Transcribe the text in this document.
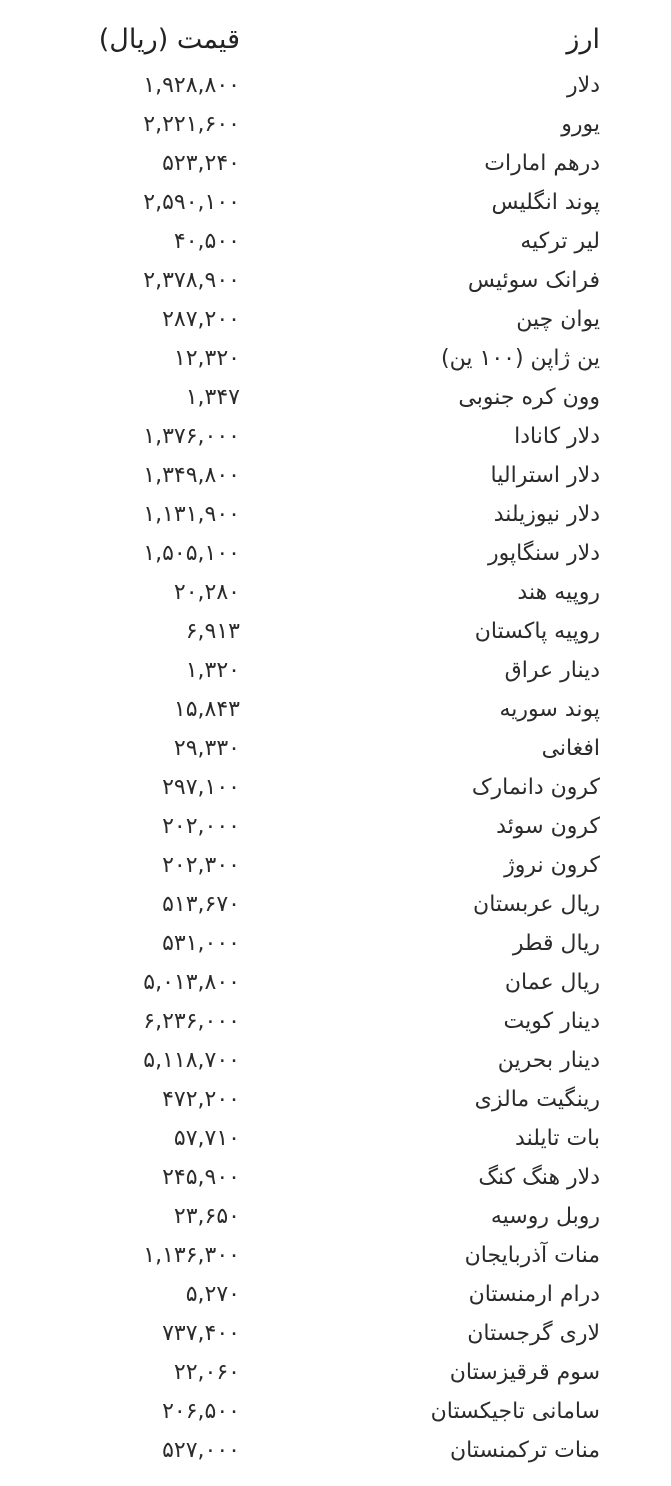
ارز
قیمت (ریال)
دلار
۱,۹۲۸,۸۰۰
یورو
۲,۲۲۱,۶۰۰
درهم امارات
۵۲۳,۲۴۰
پوند انگلیس
۲,۵۹۰,۱۰۰
لیر ترکیه
۴۰,۵۰۰
فرانک سوئیس
۲,۳۷۸,۹۰۰
یوان چین
۲۸۷,۲۰۰
ین ژاپن (۱۰۰ ین)
۱۲,۳۲۰
وون کره جنوبی
۱,۳۴۷
دلار کانادا
۱,۳۷۶,۰۰۰
دلار استرالیا
۱,۳۴۹,۸۰۰
دلار نیوزیلند
۱,۱۳۱,۹۰۰
دلار سنگاپور
۱,۵۰۵,۱۰۰
روپیه هند
۲۰,۲۸۰
روپیه پاکستان
۶,۹۱۳
دینار عراق
۱,۳۲۰
پوند سوریه
۱۵,۸۴۳
افغانی
۲۹,۳۳۰
کرون دانمارک
۲۹۷,۱۰۰
کرون سوئد
۲۰۲,۰۰۰
کرون نروژ
۲۰۲,۳۰۰
ریال عربستان
۵۱۳,۶۷۰
ریال قطر
۵۳۱,۰۰۰
ریال عمان
۵,۰۱۳,۸۰۰
دینار کویت
۶,۲۳۶,۰۰۰
دینار بحرین
۵,۱۱۸,۷۰۰
رینگیت مالزی
۴۷۲,۲۰۰
بات تایلند
۵۷,۷۱۰
دلار هنگ کنگ
۲۴۵,۹۰۰
روبل روسیه
۲۳,۶۵۰
منات آذربایجان
۱,۱۳۶,۳۰۰
درام ارمنستان
۵,۲۷۰
لاری گرجستان
۷۳۷,۴۰۰
سوم قرقیزستان
۲۲,۰۶۰
سامانی تاجیکستان
۲۰۶,۵۰۰
منات ترکمنستان
۵۲۷,۰۰۰
